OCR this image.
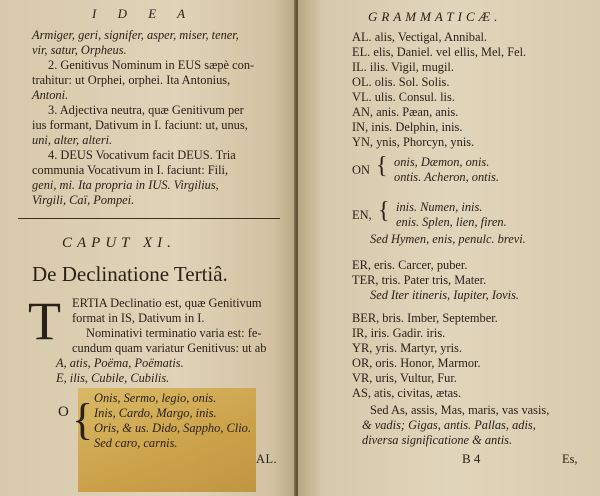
I D E A
Armiger, geri, signifer, asper, miser, tener,
vir, satur, Orpheus.
2. Genitivus Nominum in EUS sæpè con-
trahitur: ut Orphei, orphei. Ita Antonius,
Antoni.
3. Adjectiva neutra, quæ Genitivum per
ius formant, Dativum in I. faciunt: ut, unus,
uni, alter, alteri.
4. DEUS Vocativum facit DEUS. Tria
communia Vocativum in I. faciunt: Fili,
geni, mi. Ita propria in IUS. Virgilius,
Virgili, Caï, Pompei.
CAPUT XI.
De Declinatione Tertiâ.
T ERTIA Declinatio est, quæ Genitivum
format in IS, Dativum in I.
Nominativi terminatio varia est: fe-
cundum quam variatur Genitivus: ut ab
A, atis, Poëma, Poëmatis.
E, ilis, Cubile, Cubilis.
O { Onis, Sermo, legio, onis.
Inis, Cardo, Margo, inis.
Oris, & us. Dido, Sappho, Clio.
Sed caro, carnis.
AL.
GRAMMATICÆ.
AL. alis, Vectigal, Annibal.
EL. elis, Daniel. vel ellis, Mel, Fel.
IL. ilis. Vigil, mugil.
OL. olis. Sol. Solis.
VL. ulis. Consul. lis.
AN, anis. Pæan, anis.
IN, inis. Delphin, inis.
YN, ynis, Phorcyn, ynis.
ON { onis, Dæmon, onis.
ontis. Acheron, ontis.
EN, { inis. Numen, inis.
enis. Splen, lien, firen.
Sed Hymen, enis, penulc. brevi.
ER, eris. Carcer, puber.
TER, tris. Pater tris, Mater.
Sed Iter itineris, Iupiter, Iovis.
BER, bris. Imber, September.
IR, iris. Gadir. iris.
YR, yris. Martyr, yris.
OR, oris. Honor, Marmor.
VR, uris, Vultur, Fur.
AS, atis, civitas, ætas.
Sed As, assis, Mas, maris, vas vasis,
& vadis; Gigas, antis. Pallas, adis,
diversa significatione & antis.
B 4	Es,
